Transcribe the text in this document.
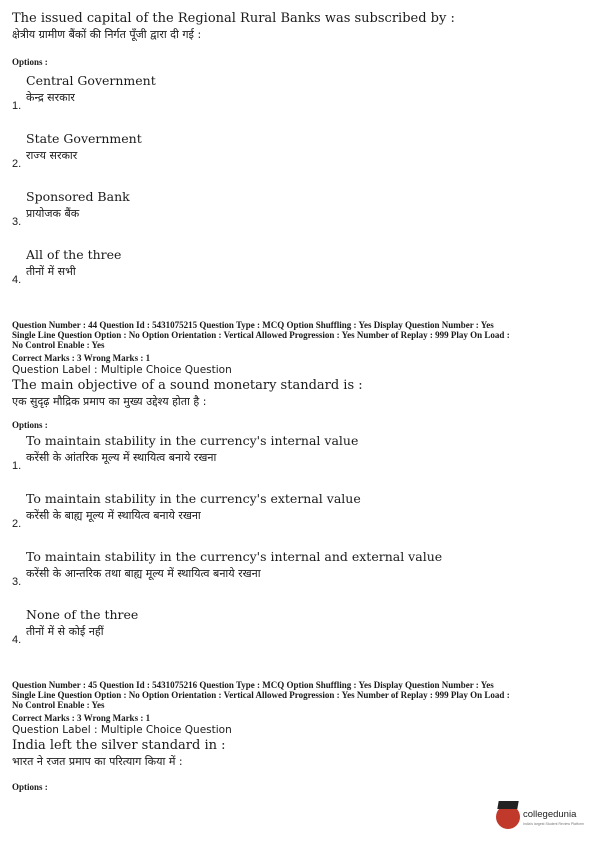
The issued capital of the Regional Rural Banks was subscribed by :
क्षेत्रीय ग्रामीण बैंकों की निर्गत पूँजी द्वारा दी गई :
Options :
Central Government
केन्द्र सरकार
1.
State Government
राज्य सरकार
2.
Sponsored Bank
प्रायोजक बैंक
3.
All of the three
तीनों में सभी
4.
Question Number : 44 Question Id : 5431075215 Question Type : MCQ Option Shuffling : Yes Display Question Number : Yes
Single Line Question Option : No Option Orientation : Vertical Allowed Progression : Yes Number of Replay : 999 Play On Load :
No Control Enable : Yes
Correct Marks : 3 Wrong Marks : 1
Question Label : Multiple Choice Question
The main objective of a sound monetary standard is :
एक सुदृढ़ मौद्रिक प्रमाप का मुख्य उद्देश्य होता है :
Options :
To maintain stability in the currency's internal value
करेंसी के आंतरिक मूल्य में स्थायित्व बनाये रखना
1.
To maintain stability in the currency's external value
करेंसी के बाह्य मूल्य में स्थायित्व बनाये रखना
2.
To maintain stability in the currency's internal and external value
करेंसी के आन्तरिक तथा बाह्य मूल्य में स्थायित्व बनाये रखना
3.
None of the three
तीनों में से कोई नहीं
4.
Question Number : 45 Question Id : 5431075216 Question Type : MCQ Option Shuffling : Yes Display Question Number : Yes
Single Line Question Option : No Option Orientation : Vertical Allowed Progression : Yes Number of Replay : 999 Play On Load :
No Control Enable : Yes
Correct Marks : 3 Wrong Marks : 1
Question Label : Multiple Choice Question
India left the silver standard in :
भारत ने रजत प्रमाप का परित्याग किया में :
Options :
collegedunia
India's largest Student Review Platform
